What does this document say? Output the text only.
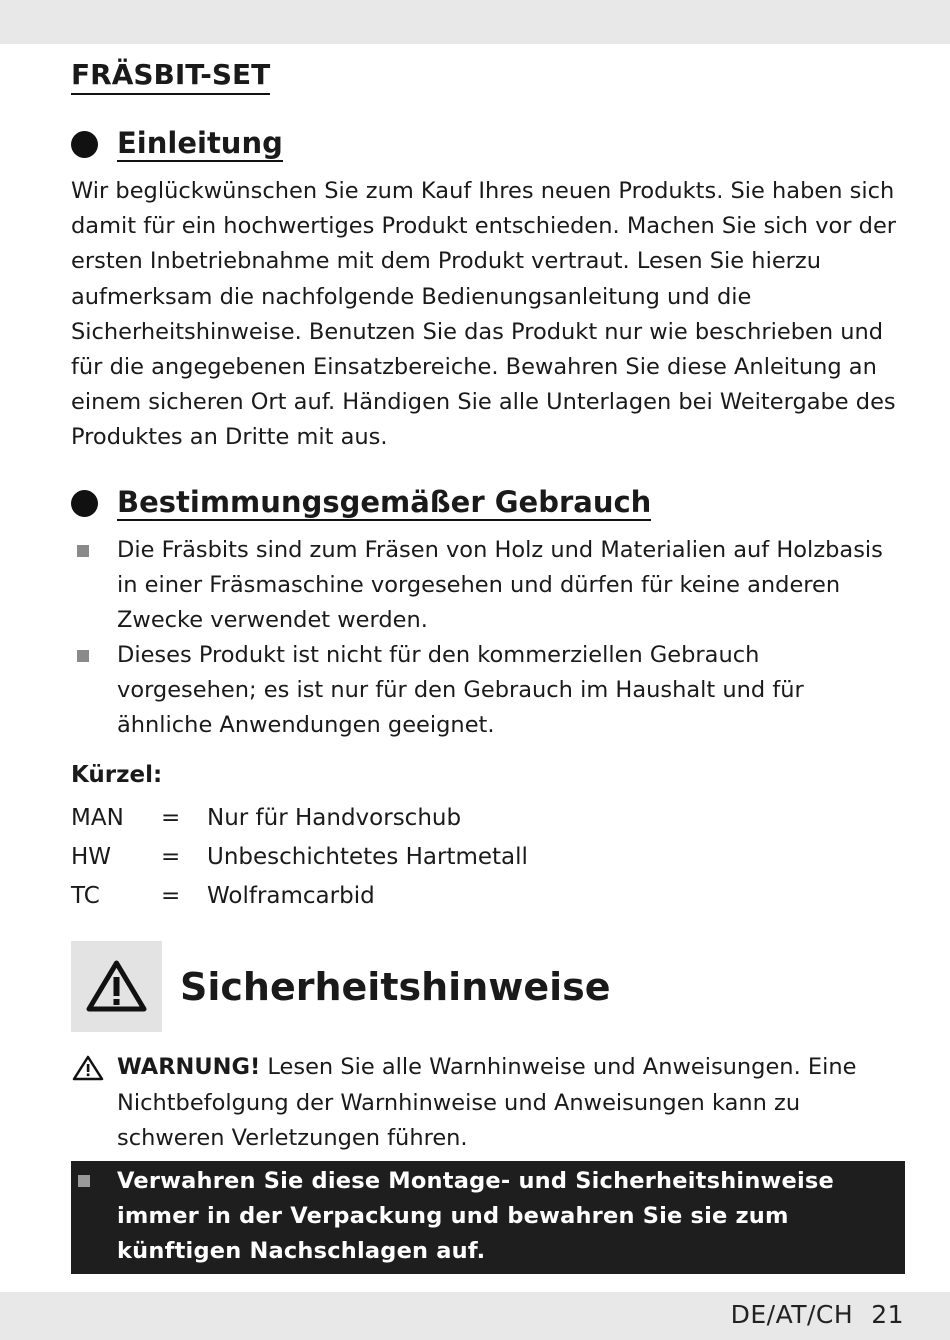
FRÄSBIT-SET
Einleitung

Wir beglückwünschen Sie zum Kauf Ihres neuen Produkts. Sie haben sich damit für ein hochwertiges Produkt entschieden. Machen Sie sich vor der ersten Inbetriebnahme mit dem Produkt vertraut. Lesen Sie hierzu aufmerksam die nachfolgende Bedienungsanleitung und die Sicherheitshinweise. Benutzen Sie das Produkt nur wie beschrieben und für die angegebenen Einsatzbereiche. Bewahren Sie diese Anleitung an einem sicheren Ort auf. Händigen Sie alle Unterlagen bei Weitergabe des Produktes an Dritte mit aus.

Bestimmungsgemäßer Gebrauch
Die Fräsbits sind zum Fräsen von Holz und Materialien auf Holzbasis in einer Fräsmaschine vorgesehen und dürfen für keine anderen Zwecke verwendet werden.
Dieses Produkt ist nicht für den kommerziellen Gebrauch vorgesehen; es ist nur für den Gebrauch im Haushalt und für ähnliche Anwendungen geeignet.
Kürzel:
MAN = Nur für Handvorschub
HW = Unbeschichtetes Hartmetall
TC	= Wolframcarbid
Sicherheitshinweise

WARNUNG! Lesen Sie alle Warnhinweise und Anweisungen. Eine Nichtbefolgung der Warnhinweise und Anweisungen kann zu schweren Verletzungen führen.

Verwahren Sie diese Montage- und Sicherheitshinweise immer in der Verpackung und bewahren Sie sie zum künftigen Nachschlagen auf.

DE/AT/CH 21
